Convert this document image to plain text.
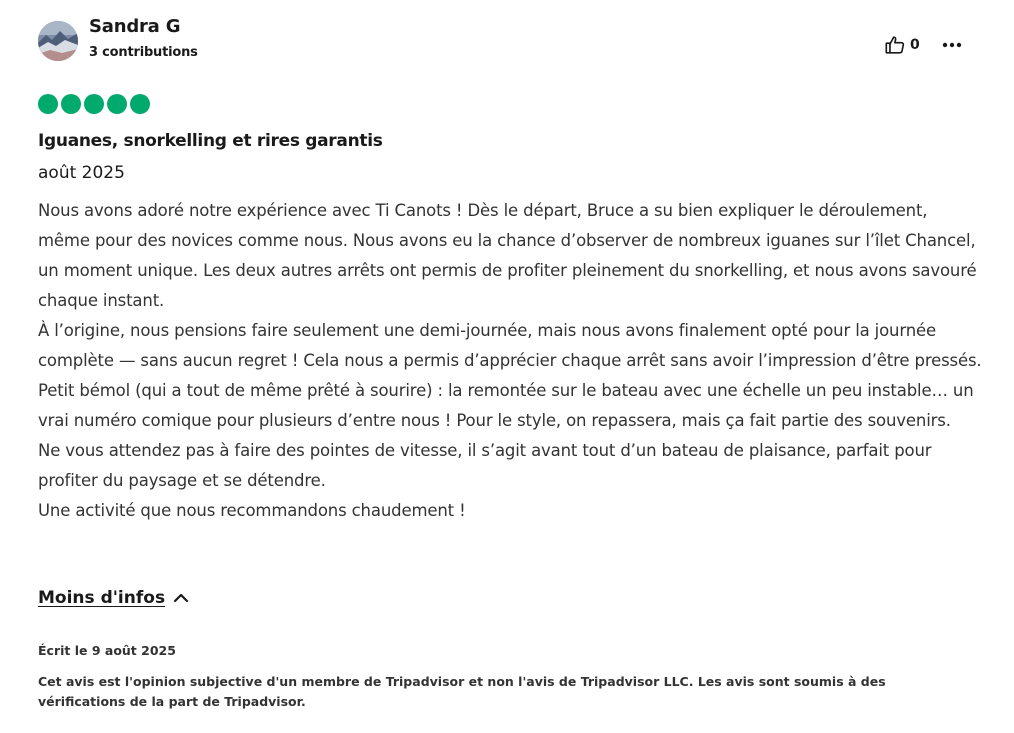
Sandra G
3 contributions	0
Iguanes, snorkelling et rires garantis
août 2025

Nous avons adoré notre expérience avec Ti Canots ! Dès le départ, Bruce a su bien expliquer le déroulement, même pour des novices comme nous. Nous avons eu la chance d’observer de nombreux iguanes sur l’îlet Chancel, un moment unique. Les deux autres arrêts ont permis de profiter pleinement du snorkelling, et nous avons savouré chaque instant.

À l’origine, nous pensions faire seulement une demi-journée, mais nous avons finalement opté pour la journée complète — sans aucun regret ! Cela nous a permis d’apprécier chaque arrêt sans avoir l’impression d’être pressés.

Petit bémol (qui a tout de même prêté à sourire) : la remontée sur le bateau avec une échelle un peu instable… un vrai numéro comique pour plusieurs d’entre nous ! Pour le style, on repassera, mais ça fait partie des souvenirs.

Ne vous attendez pas à faire des pointes de vitesse, il s’agit avant tout d’un bateau de plaisance, parfait pour profiter du paysage et se détendre.

Une activité que nous recommandons chaudement !

Moins d'infos
Écrit le 9 août 2025
Cet avis est l'opinion subjective d'un membre de Tripadvisor et non l'avis de Tripadvisor LLC. Les avis sont soumis à des vérifications de la part de Tripadvisor.
